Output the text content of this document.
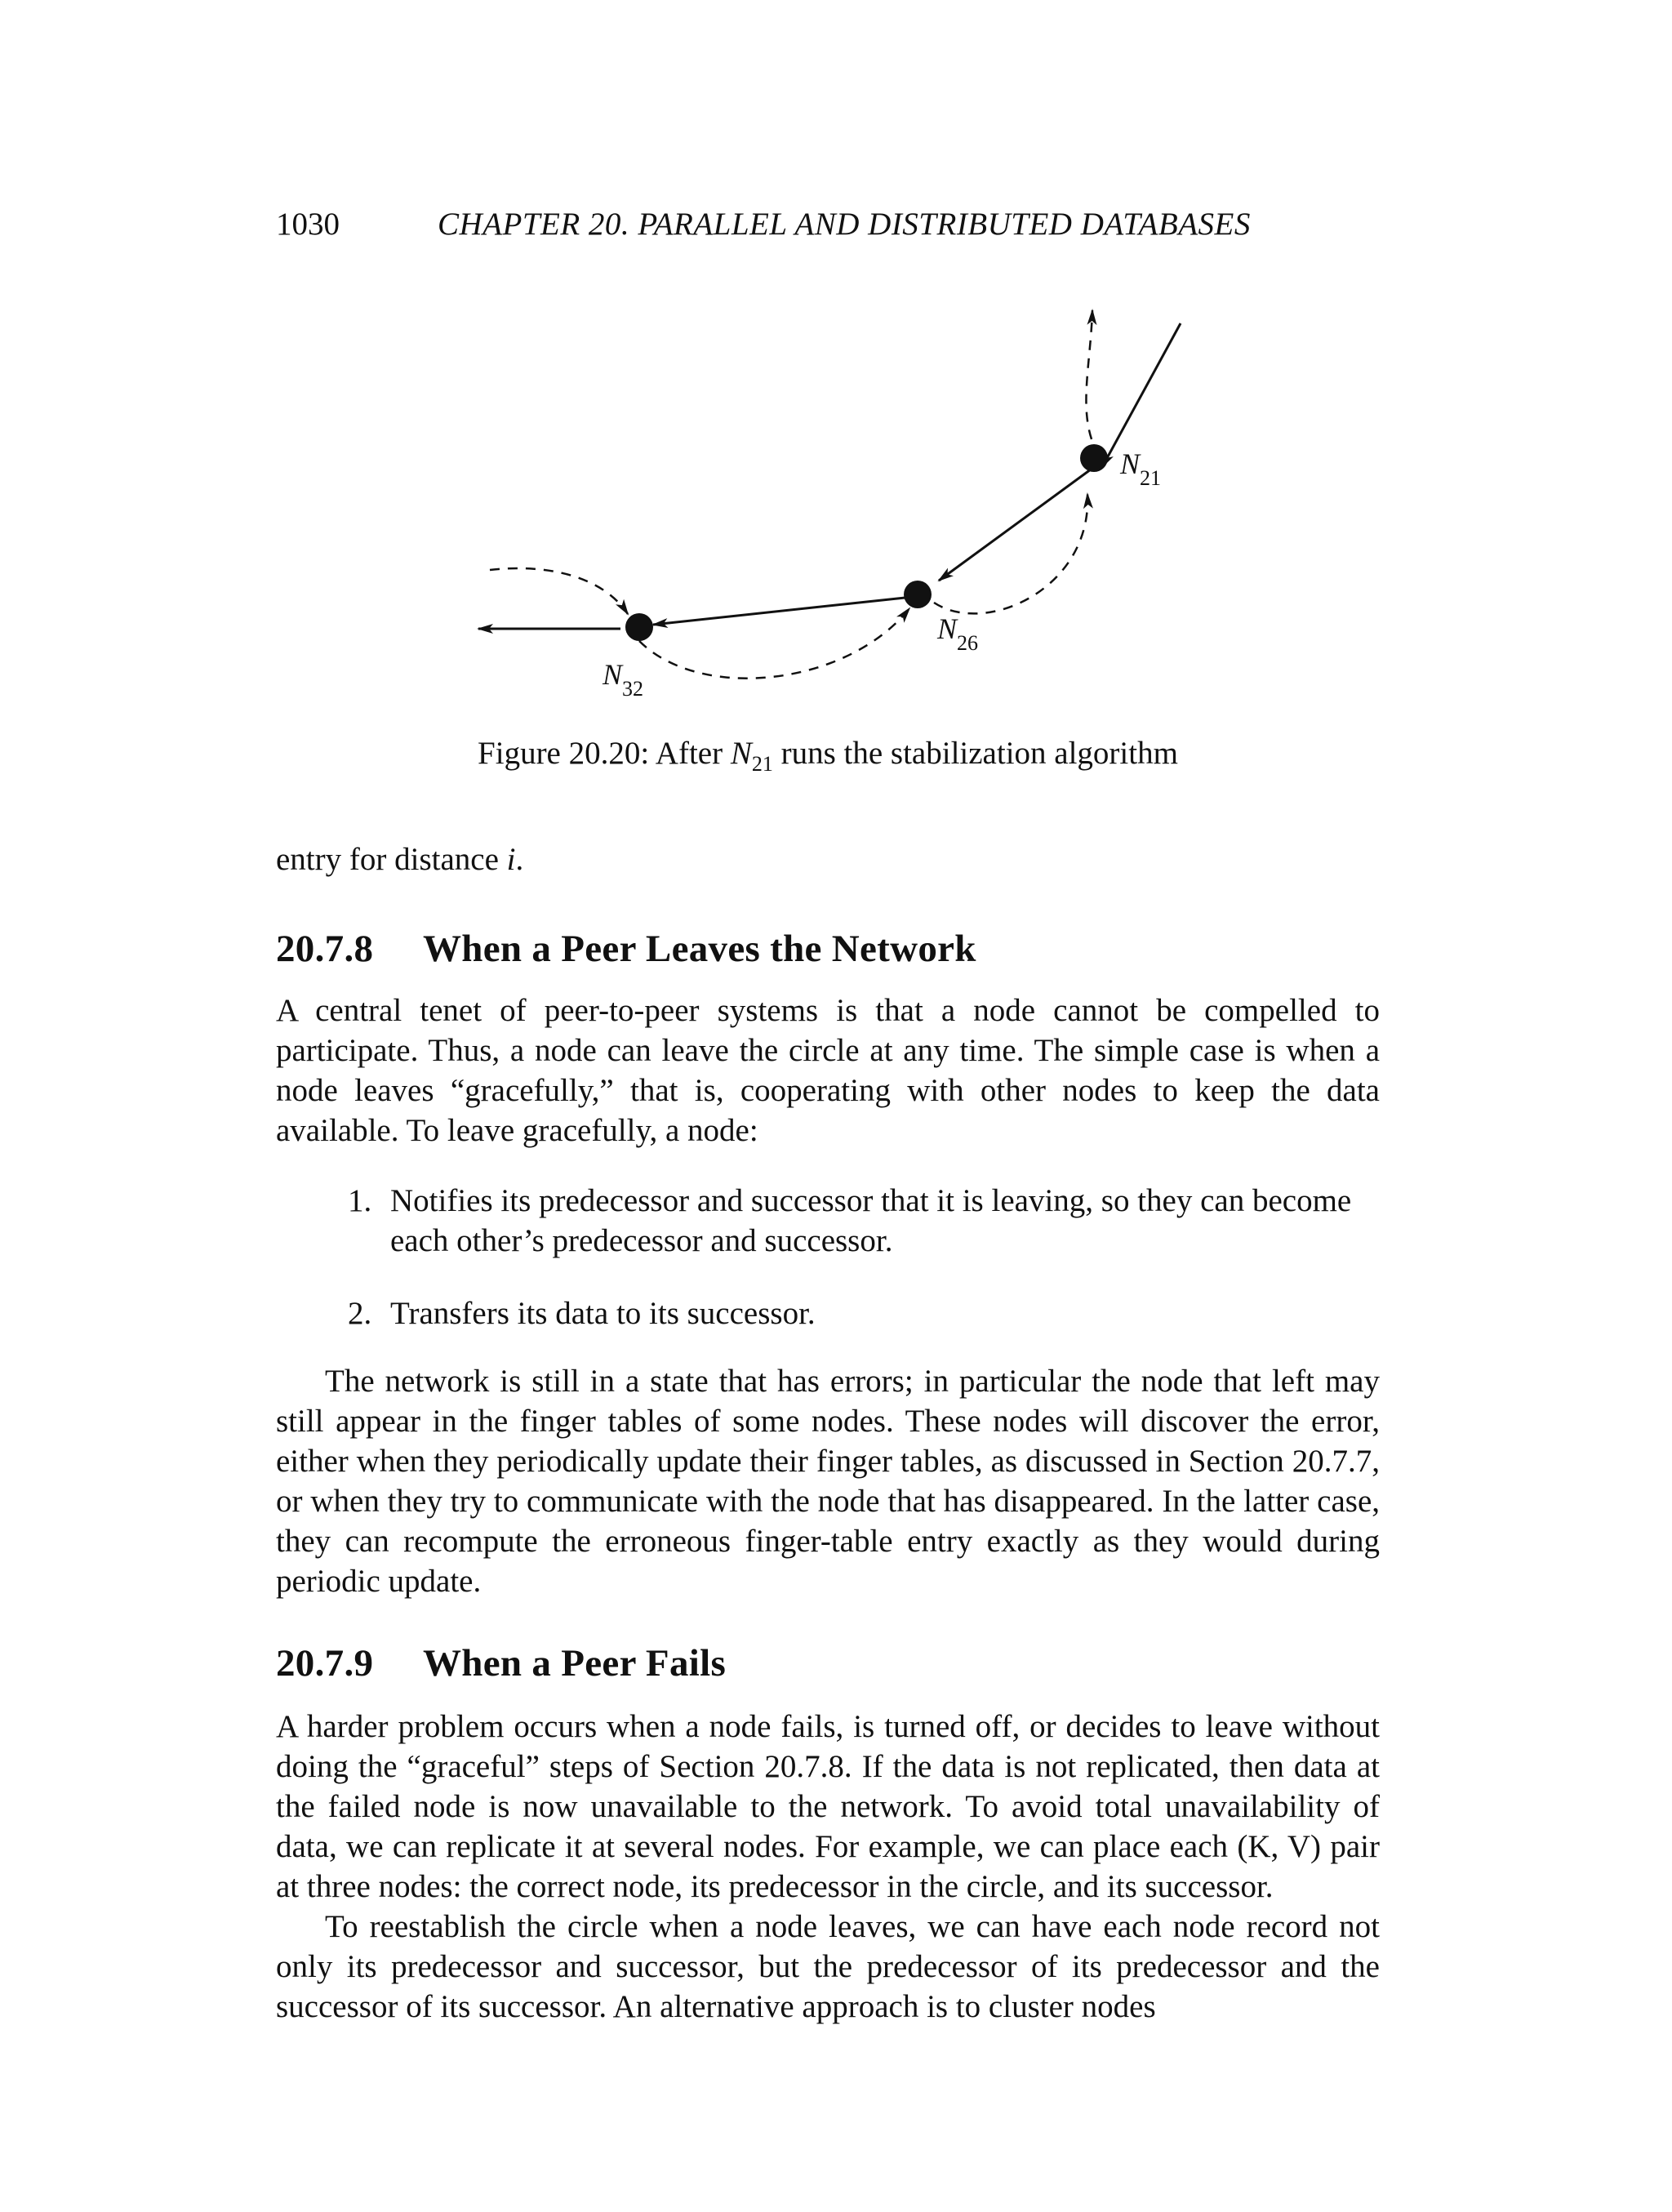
1030	CHAPTER 20. PARALLEL AND DISTRIBUTED DATABASES
N21
N26
N32
Figure 20.20: After $N_{21}$ runs the stabilization algorithm
entry for distance i.
20.7.8 When a Peer Leaves the Network
A central tenet of peer-to-peer systems is that a node cannot be compelled to participate. Thus, a node can leave the circle at any time. The simple case is when a node leaves “gracefully,” that is, cooperating with other nodes to keep the data available. To leave gracefully, a node:
1. Notifies its predecessor and successor that it is leaving, so they can become each other’s predecessor and successor.
2. Transfers its data to its successor.
The network is still in a state that has errors; in particular the node that left may still appear in the finger tables of some nodes. These nodes will discover the error, either when they periodically update their finger tables, as discussed in Section 20.7.7, or when they try to communicate with the node that has disappeared. In the latter case, they can recompute the erroneous finger-table entry exactly as they would during periodic update.
20.7.9 When a Peer Fails
A harder problem occurs when a node fails, is turned off, or decides to leave without doing the “graceful” steps of Section 20.7.8. If the data is not replicated, then data at the failed node is now unavailable to the network. To avoid total unavailability of data, we can replicate it at several nodes. For example, we can place each (K, V) pair at three nodes: the correct node, its predecessor in the circle, and its successor.
To reestablish the circle when a node leaves, we can have each node record not only its predecessor and successor, but the predecessor of its predecessor and the successor of its successor. An alternative approach is to cluster nodes
